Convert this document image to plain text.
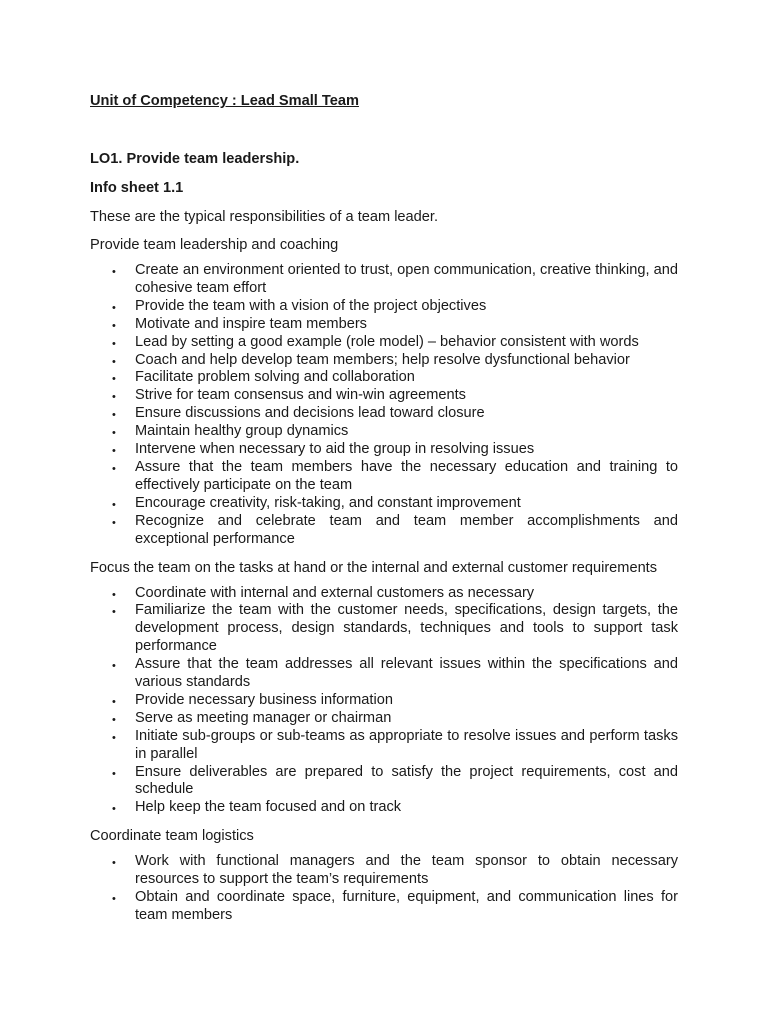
Unit of Competency : Lead Small Team

LO1. Provide team leadership.

Info sheet 1.1

These are the typical responsibilities of a team leader.

Provide team leadership and coaching

• Create an environment oriented to trust, open communication, creative thinking, and cohesive team effort
• Provide the team with a vision of the project objectives
• Motivate and inspire team members
• Lead by setting a good example (role model) – behavior consistent with words
• Coach and help develop team members; help resolve dysfunctional behavior
• Facilitate problem solving and collaboration
• Strive for team consensus and win-win agreements
• Ensure discussions and decisions lead toward closure
• Maintain healthy group dynamics
• Intervene when necessary to aid the group in resolving issues
• Assure that the team members have the necessary education and training to effectively participate on the team
• Encourage creativity, risk-taking, and constant improvement
• Recognize and celebrate team and team member accomplishments and exceptional performance

Focus the team on the tasks at hand or the internal and external customer requirements

• Coordinate with internal and external customers as necessary
• Familiarize the team with the customer needs, specifications, design targets, the development process, design standards, techniques and tools to support task performance
• Assure that the team addresses all relevant issues within the specifications and various standards
• Provide necessary business information
• Serve as meeting manager or chairman
• Initiate sub-groups or sub-teams as appropriate to resolve issues and perform tasks in parallel
• Ensure deliverables are prepared to satisfy the project requirements, cost and schedule
• Help keep the team focused and on track

Coordinate team logistics

• Work with functional managers and the team sponsor to obtain necessary resources to support the team’s requirements
• Obtain and coordinate space, furniture, equipment, and communication lines for team members
